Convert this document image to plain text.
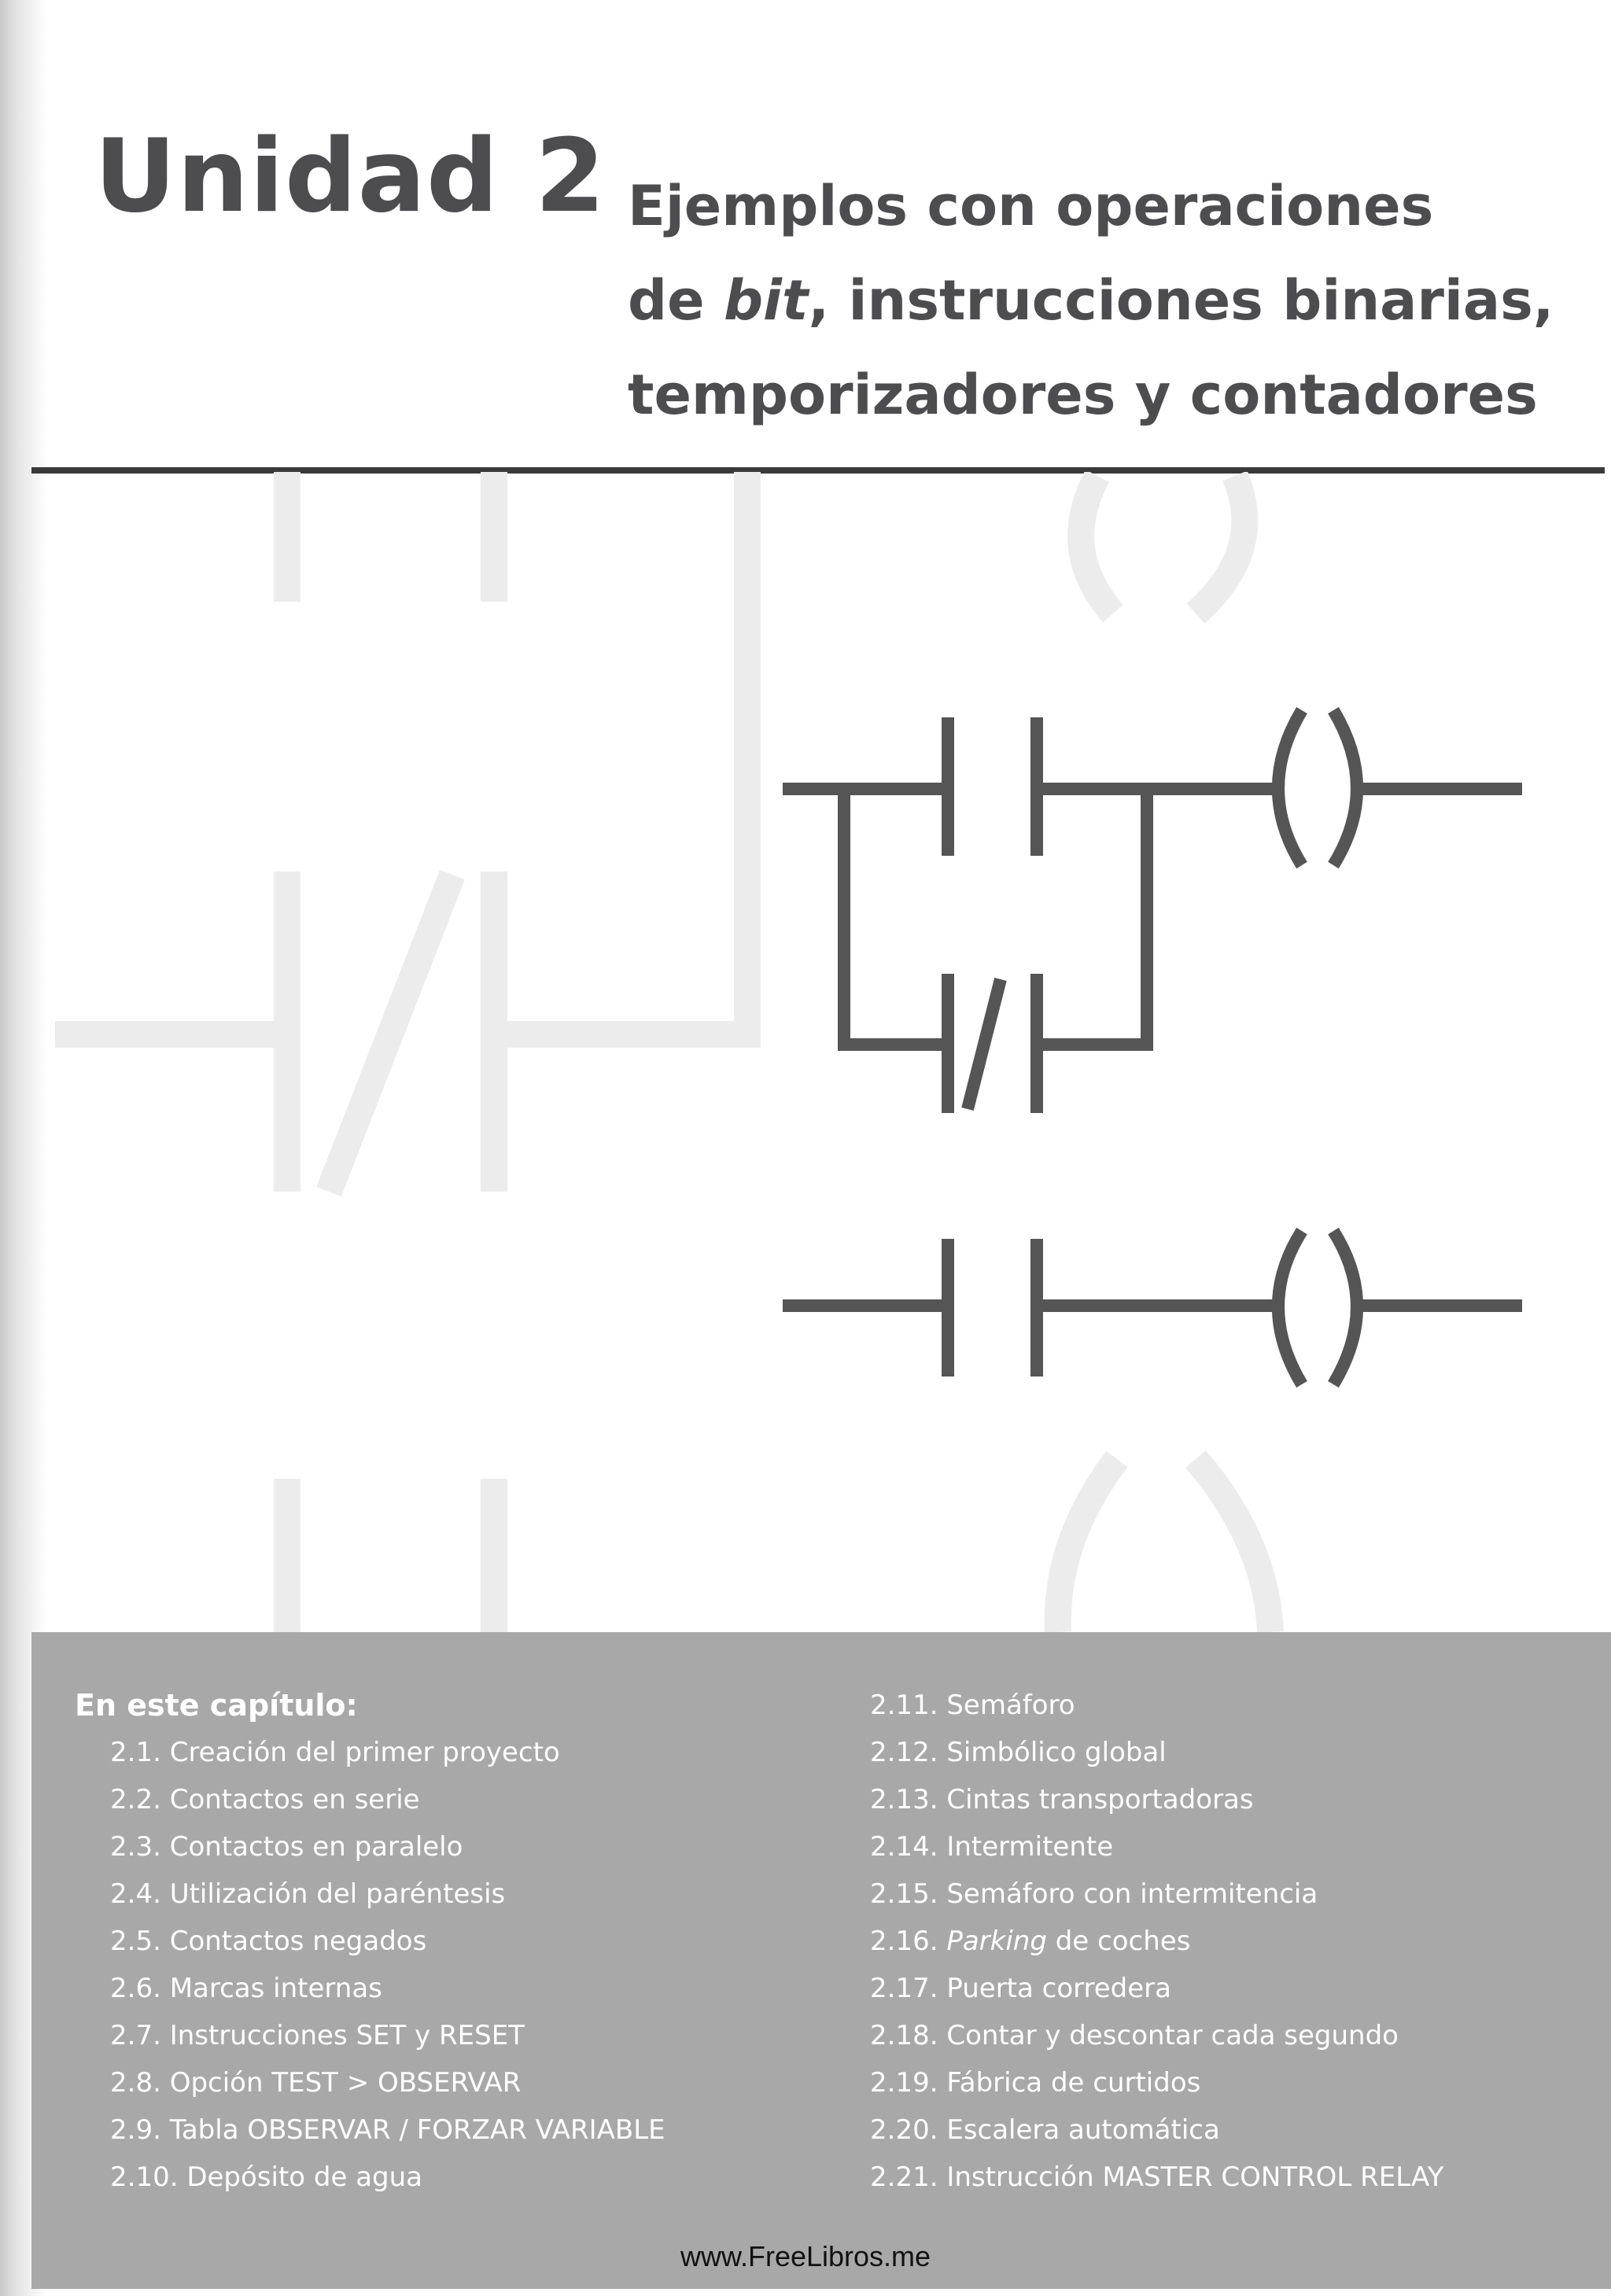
Unidad 2 Ejemplos con operaciones
de bit, instrucciones binarias,
temporizadores y contadores
En este capítulo:
2.1. Creación del primer proyecto
2.2. Contactos en serie
2.3. Contactos en paralelo
2.4. Utilización del paréntesis
2.5. Contactos negados
2.6. Marcas internas
2.7. Instrucciones SET y RESET
2.8. Opción TEST > OBSERVAR
2.9. Tabla OBSERVAR / FORZAR VARIABLE
2.10. Depósito de agua
2.11. Semáforo
2.12. Simbólico global
2.13. Cintas transportadoras
2.14. Intermitente
2.15. Semáforo con intermitencia
2.16. Parking de coches
2.17. Puerta corredera
2.18. Contar y descontar cada segundo
2.19. Fábrica de curtidos
2.20. Escalera automática
2.21. Instrucción MASTER CONTROL RELAY
www.FreeLibros.me
